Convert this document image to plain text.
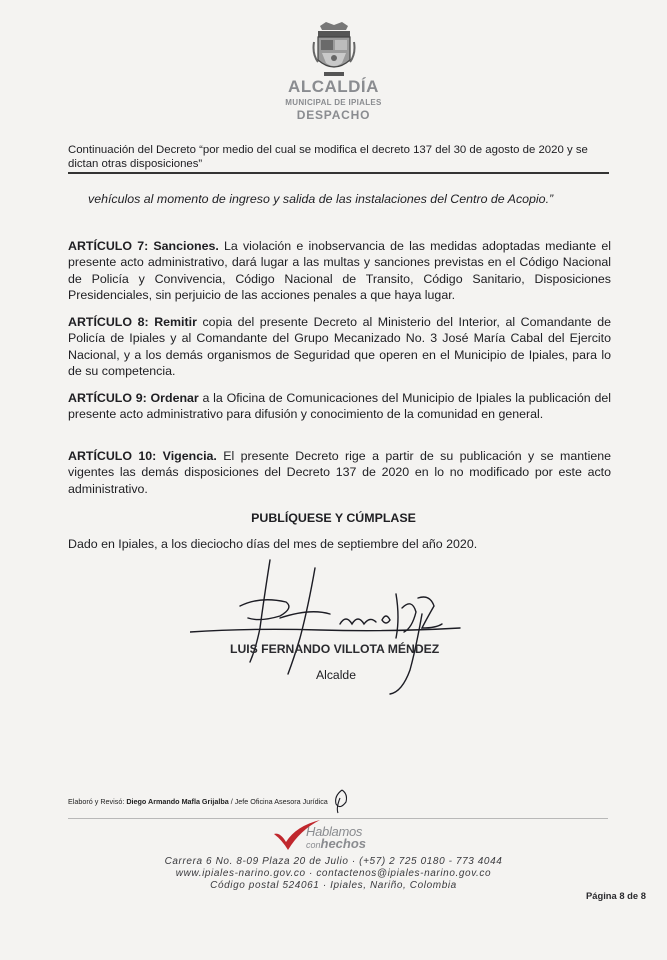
ALCALDÍA
MUNICIPAL DE IPIALES
DESPACHO
Continuación del Decreto “por medio del cual se modifica el decreto 137 del 30 de agosto de 2020 y se dictan otras disposiciones”
vehículos al momento de ingreso y salida de las instalaciones del Centro de Acopio.”
ARTÍCULO 7: Sanciones. La violación e inobservancia de las medidas adoptadas mediante el presente acto administrativo, dará lugar a las multas y sanciones previstas en el Código Nacional de Policía y Convivencia, Código Nacional de Transito, Código Sanitario, Disposiciones Presidenciales, sin perjuicio de las acciones penales a que haya lugar.
ARTÍCULO 8: Remitir copia del presente Decreto al Ministerio del Interior, al Comandante de Policía de Ipiales y al Comandante del Grupo Mecanizado No. 3 José María Cabal del Ejercito Nacional, y a los demás organismos de Seguridad que operen en el Municipio de Ipiales, para lo de su competencia.
ARTÍCULO 9: Ordenar a la Oficina de Comunicaciones del Municipio de Ipiales la publicación del presente acto administrativo para difusión y conocimiento de la comunidad en general.
ARTÍCULO 10: Vigencia. El presente Decreto rige a partir de su publicación y se mantiene vigentes las demás disposiciones del Decreto 137 de 2020 en lo no modificado por este acto administrativo.
PUBLÍQUESE Y CÚMPLASE
Dado en Ipiales, a los dieciocho días del mes de septiembre del año 2020.
LUIS FERNANDO VILLOTA MÉNDEZ
Alcalde
Elaboró y Revisó: Diego Armando Mafla Grijalba / Jefe Oficina Asesora Jurídica
Hablamos
conhechos
Carrera 6 No. 8-09 Plaza 20 de Julio · (+57) 2 725 0180 - 773 4044
www.ipiales-narino.gov.co · contactenos@ipiales-narino.gov.co
Código postal 524061 · Ipiales, Nariño, Colombia
Página 8 de 8
